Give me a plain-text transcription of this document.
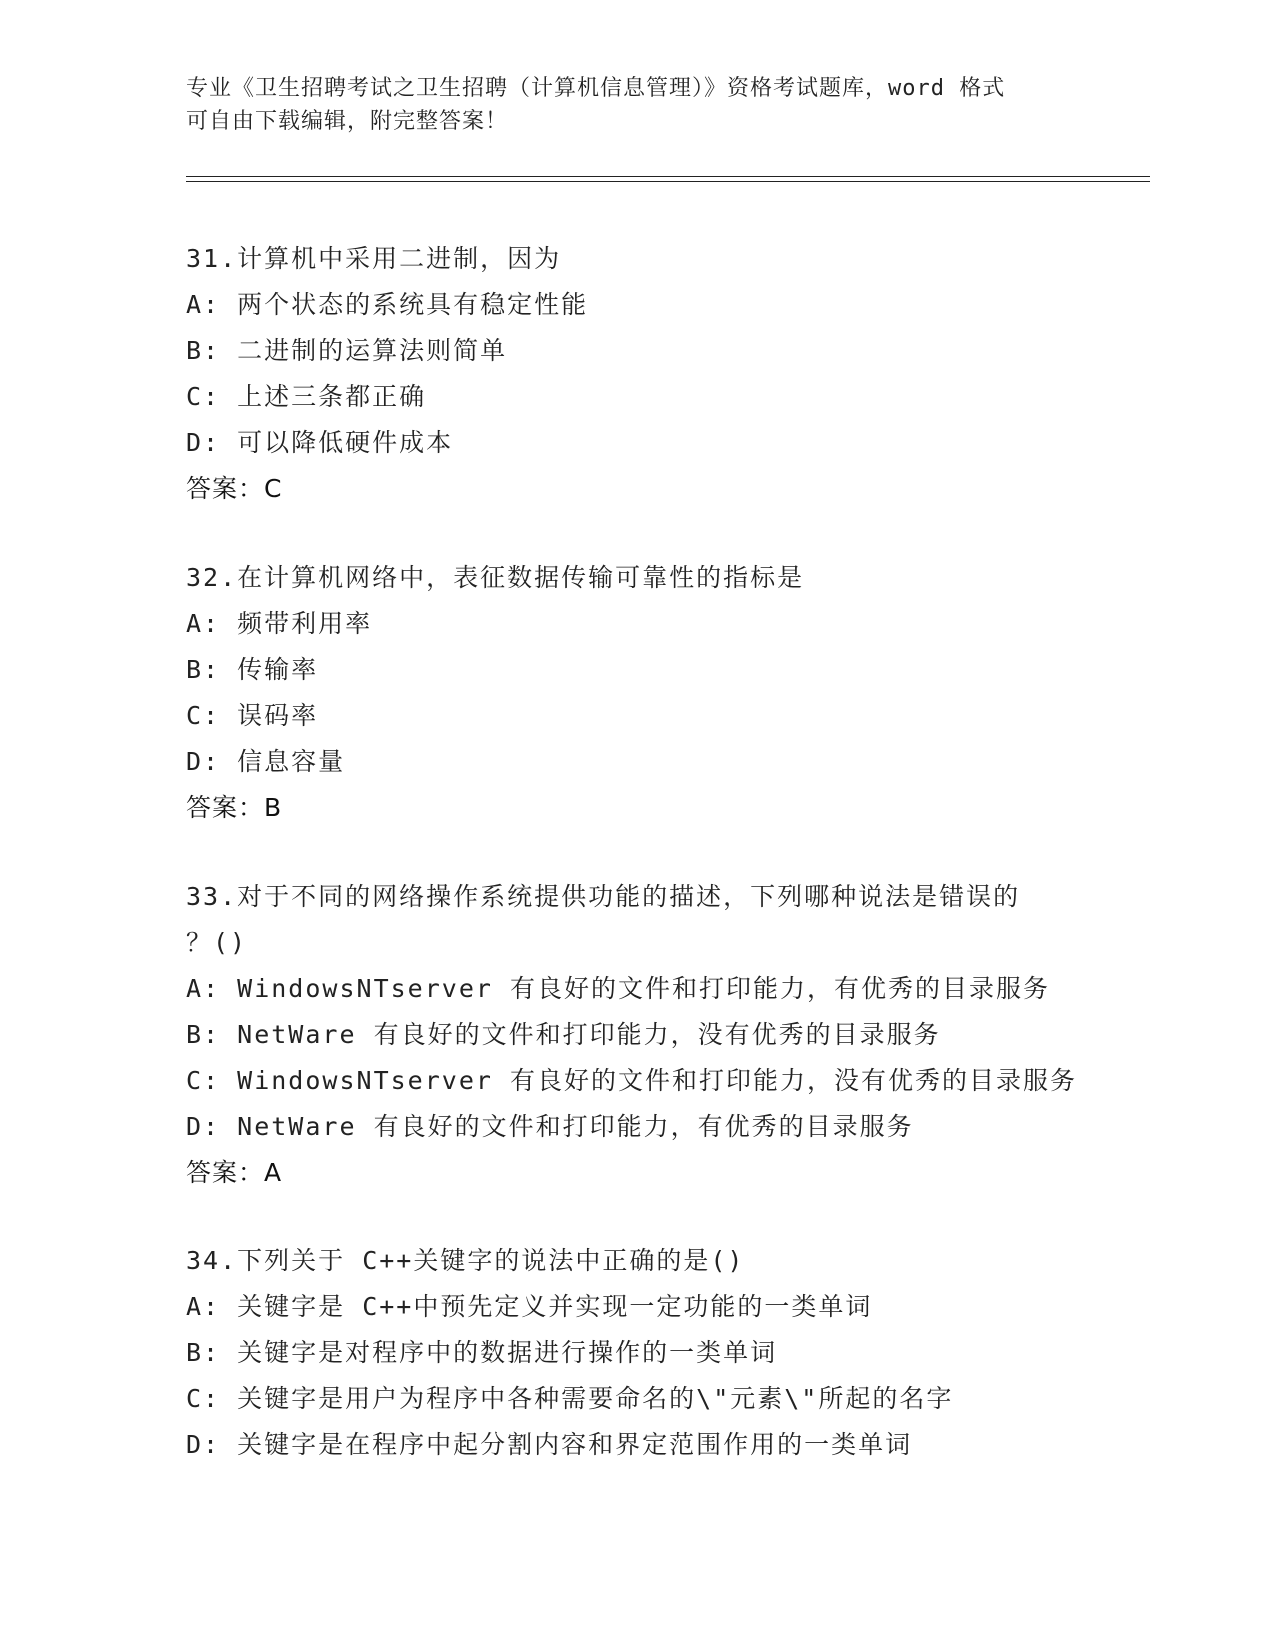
专业《卫生招聘考试之卫生招聘（计算机信息管理）》资格考试题库，word 格式
可自由下载编辑，附完整答案！
31.计算机中采用二进制，因为
A: 两个状态的系统具有稳定性能
B: 二进制的运算法则简单
C: 上述三条都正确
D: 可以降低硬件成本
答案：C
32.在计算机网络中，表征数据传输可靠性的指标是
A: 频带利用率
B: 传输率
C: 误码率
D: 信息容量
答案：B
33.对于不同的网络操作系统提供功能的描述，下列哪种说法是错误的
？()
A: WindowsNTserver 有良好的文件和打印能力，有优秀的目录服务
B: NetWare 有良好的文件和打印能力，没有优秀的目录服务
C: WindowsNTserver 有良好的文件和打印能力，没有优秀的目录服务
D: NetWare 有良好的文件和打印能力，有优秀的目录服务
答案：A
34.下列关于 C++关键字的说法中正确的是()
A: 关键字是 C++中预先定义并实现一定功能的一类单词
B: 关键字是对程序中的数据进行操作的一类单词
C: 关键字是用户为程序中各种需要命名的\"元素\"所起的名字
D: 关键字是在程序中起分割内容和界定范围作用的一类单词
